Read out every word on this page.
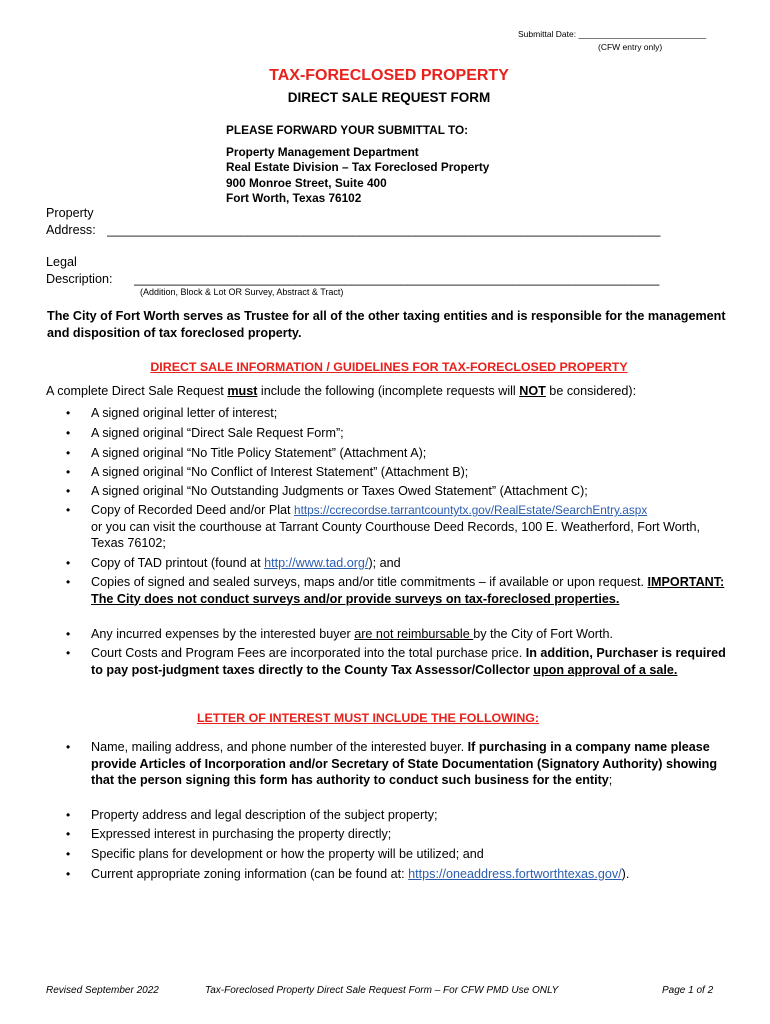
Submittal Date: ___________________________
(CFW entry only)
TAX-FORECLOSED PROPERTY
DIRECT SALE REQUEST FORM
PLEASE FORWARD YOUR SUBMITTAL TO:
Property Management Department
Real Estate Division – Tax Foreclosed Property
900 Monroe Street, Suite 400
Fort Worth, Texas 76102
Property
Address: _______________________________________________________________________________
Legal
Description: ___________________________________________________________________________
(Addition, Block & Lot OR Survey, Abstract & Tract)
The City of Fort Worth serves as Trustee for all of the other taxing entities and is responsible for the management and disposition of tax foreclosed property.
DIRECT SALE INFORMATION / GUIDELINES FOR TAX-FORECLOSED PROPERTY
A complete Direct Sale Request must include the following (incomplete requests will NOT be considered):
• A signed original letter of interest;
• A signed original “Direct Sale Request Form”;
• A signed original “No Title Policy Statement” (Attachment A);
• A signed original “No Conflict of Interest Statement” (Attachment B);
• A signed original “No Outstanding Judgments or Taxes Owed Statement” (Attachment C);
• Copy of Recorded Deed and/or Plat https://ccrecordse.tarrantcountytx.gov/RealEstate/SearchEntry.aspx
or you can visit the courthouse at Tarrant County Courthouse Deed Records, 100 E. Weatherford, Fort Worth, Texas 76102;
• Copy of TAD printout (found at http://www.tad.org/); and
• Copies of signed and sealed surveys, maps and/or title commitments – if available or upon request. IMPORTANT: The City does not conduct surveys and/or provide surveys on tax-foreclosed properties.
• Any incurred expenses by the interested buyer are not reimbursable by the City of Fort Worth.
• Court Costs and Program Fees are incorporated into the total purchase price. In addition, Purchaser is required to pay post-judgment taxes directly to the County Tax Assessor/Collector upon approval of a sale.
LETTER OF INTEREST MUST INCLUDE THE FOLLOWING:
• Name, mailing address, and phone number of the interested buyer. If purchasing in a company name please provide Articles of Incorporation and/or Secretary of State Documentation (Signatory Authority) showing that the person signing this form has authority to conduct such business for the entity;
• Property address and legal description of the subject property;
• Expressed interest in purchasing the property directly;
• Specific plans for development or how the property will be utilized; and
• Current appropriate zoning information (can be found at: https://oneaddress.fortworthtexas.gov/).
Revised September 2022	Tax-Foreclosed Property Direct Sale Request Form – For CFW PMD Use ONLY	Page 1 of 2
